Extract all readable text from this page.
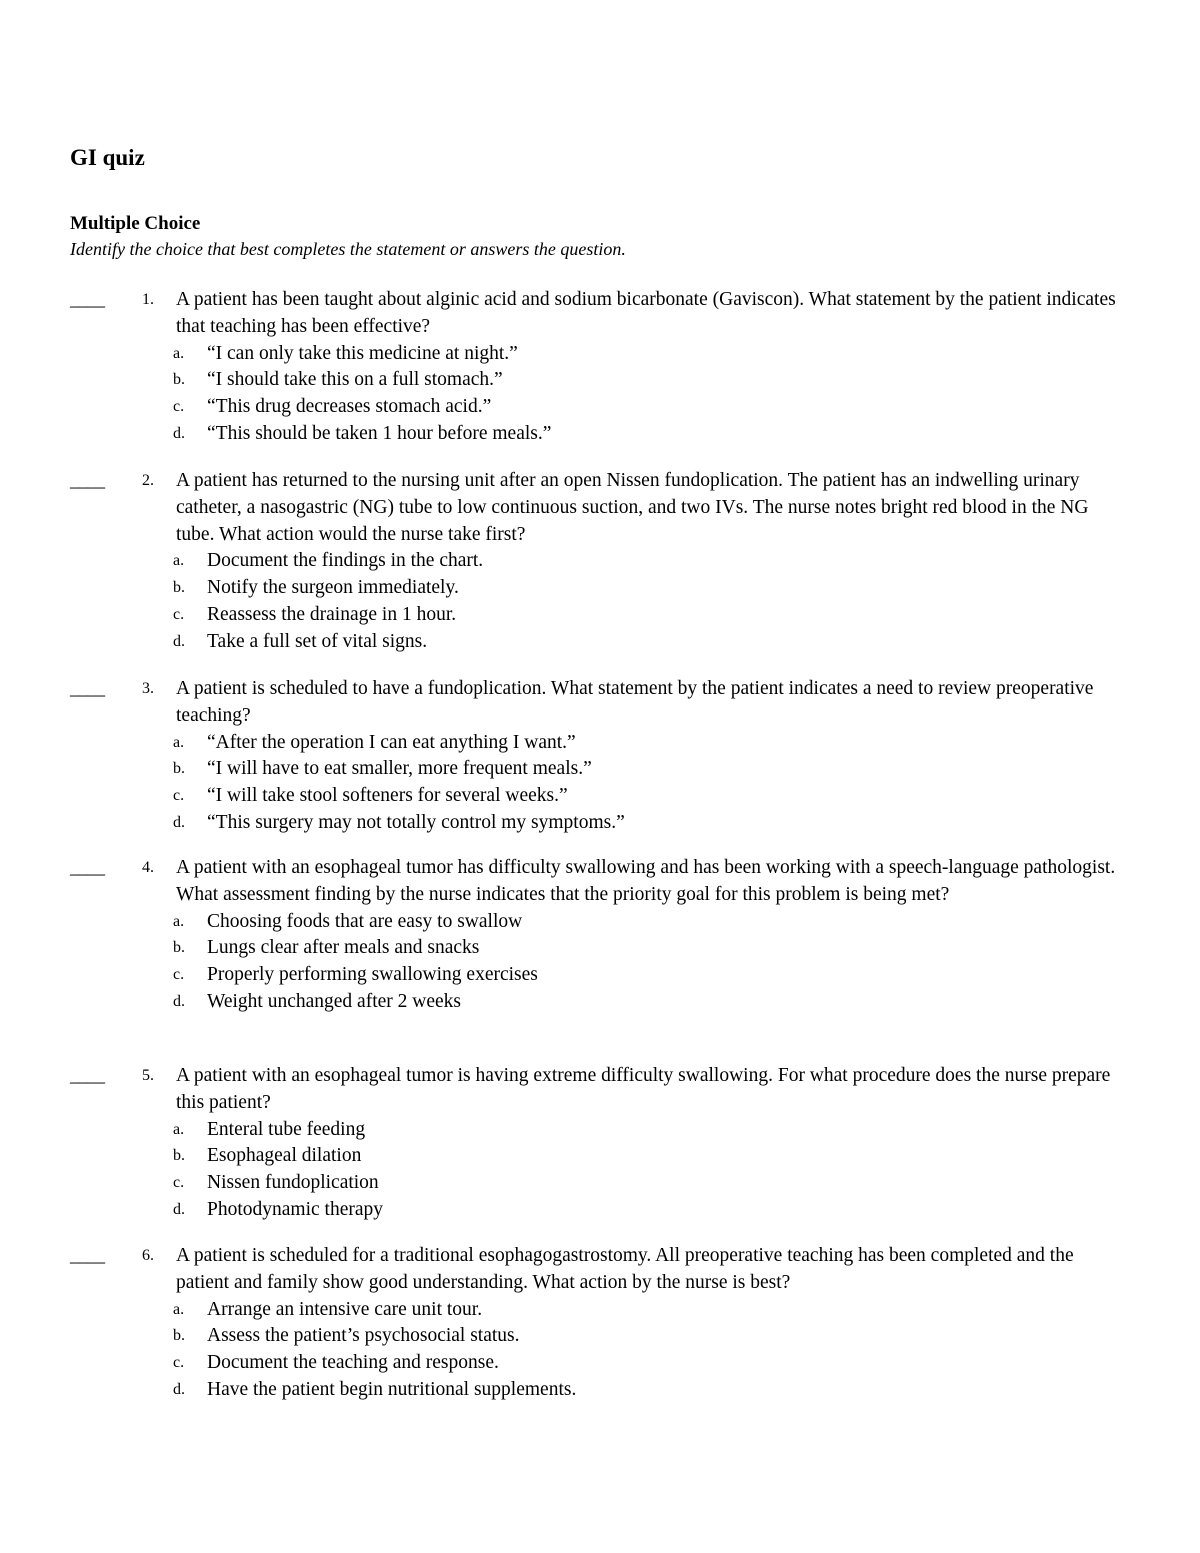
GI quiz
Multiple Choice

Identify the choice that best completes the statement or answers the question.

____	1.	A patient has been taught about alginic acid and sodium bicarbonate (Gaviscon). What statement by the patient indicates that teaching has been effective?

a. “I can only take this medicine at night.”
b. “I should take this on a full stomach.”
c. “This drug decreases stomach acid.”
d. “This should be taken 1 hour before meals.”
____	2.	A patient has returned to the nursing unit after an open Nissen fundoplication. The patient has an indwelling urinary catheter, a nasogastric (NG) tube to low continuous suction, and two IVs. The nurse notes bright red blood in the NG tube. What action would the nurse take first?

a. Document the findings in the chart.
b. Notify the surgeon immediately.
c. Reassess the drainage in 1 hour.
d. Take a full set of vital signs.
____	3.	A patient is scheduled to have a fundoplication. What statement by the patient indicates a need to review preoperative teaching?

a. “After the operation I can eat anything I want.”
b. “I will have to eat smaller, more frequent meals.”
c. “I will take stool softeners for several weeks.”
d. “This surgery may not totally control my symptoms.”
____	4.	A patient with an esophageal tumor has difficulty swallowing and has been working with a speech-language pathologist. What assessment finding by the nurse indicates that the priority goal for this problem is being met?

a. Choosing foods that are easy to swallow
b. Lungs clear after meals and snacks
c. Properly performing swallowing exercises
d. Weight unchanged after 2 weeks
____	5.	A patient with an esophageal tumor is having extreme difficulty swallowing. For what procedure does the nurse prepare this patient?

a. Enteral tube feeding
b. Esophageal dilation
c. Nissen fundoplication
d. Photodynamic therapy
____	6.	A patient is scheduled for a traditional esophagogastrostomy. All preoperative teaching has been completed and the patient and family show good understanding. What action by the nurse is best?

a. Arrange an intensive care unit tour.
b. Assess the patient’s psychosocial status.
c. Document the teaching and response.
d. Have the patient begin nutritional supplements.
